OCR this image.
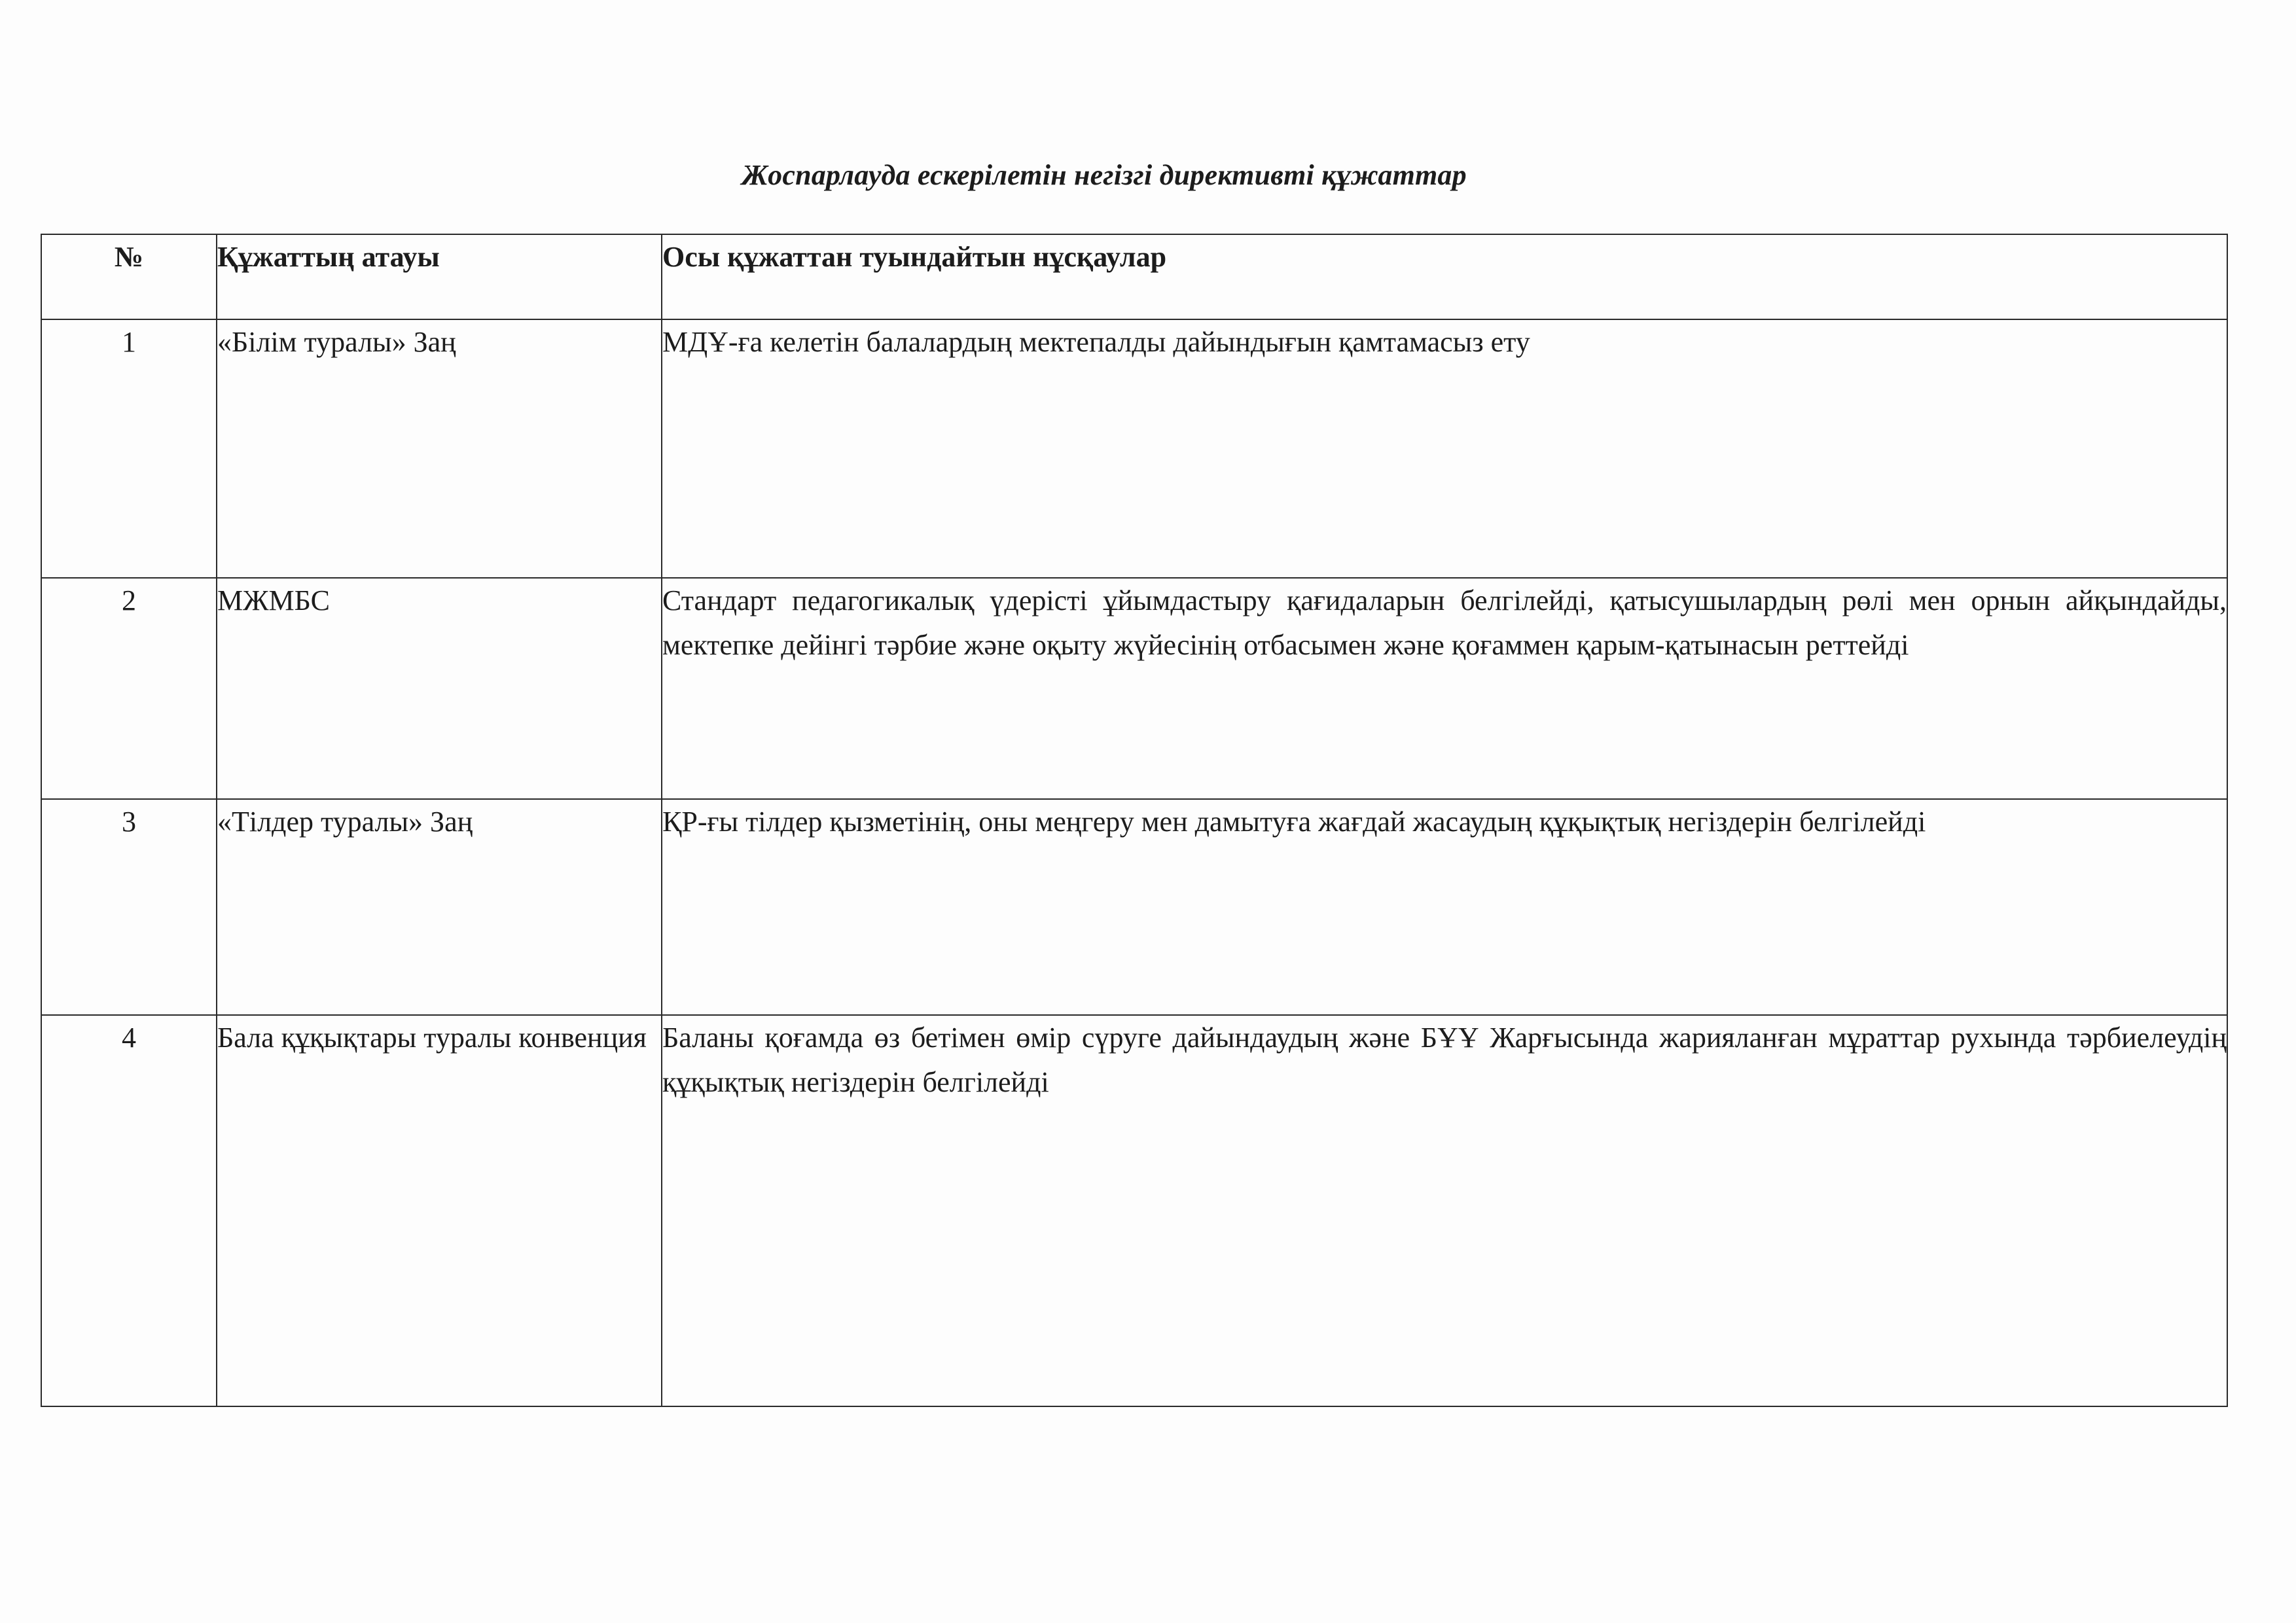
Жоспарлауда ескерілетін негізгі директивті құжаттар
№	Құжаттың атауы	Осы құжаттан туындайтын нұсқаулар
1	«Білім туралы» Заң	МДҰ-ға келетін балалардың мектепалды дайындығын қамтамасыз ету
2	МЖМБС	Стандарт педагогикалық үдерісті ұйымдастыру қағидаларын белгілейді, қатысушылардың рөлі мен орнын айқындайды, мектепке дейінгі тәрбие және оқыту жүйесінің отбасымен және қоғаммен қарым-қатынасын реттейді
3	«Тілдер туралы» Заң	ҚР-ғы тілдер қызметінің, оны меңгеру мен дамытуға жағдай жасаудың құқықтық негіздерін белгілейді
4	Бала құқықтары туралы конвенция	Баланы қоғамда өз бетімен өмір сүруге дайындаудың және БҰҰ Жарғысында жарияланған мұраттар рухында тәрбиелеудің құқықтық негіздерін белгілейді
